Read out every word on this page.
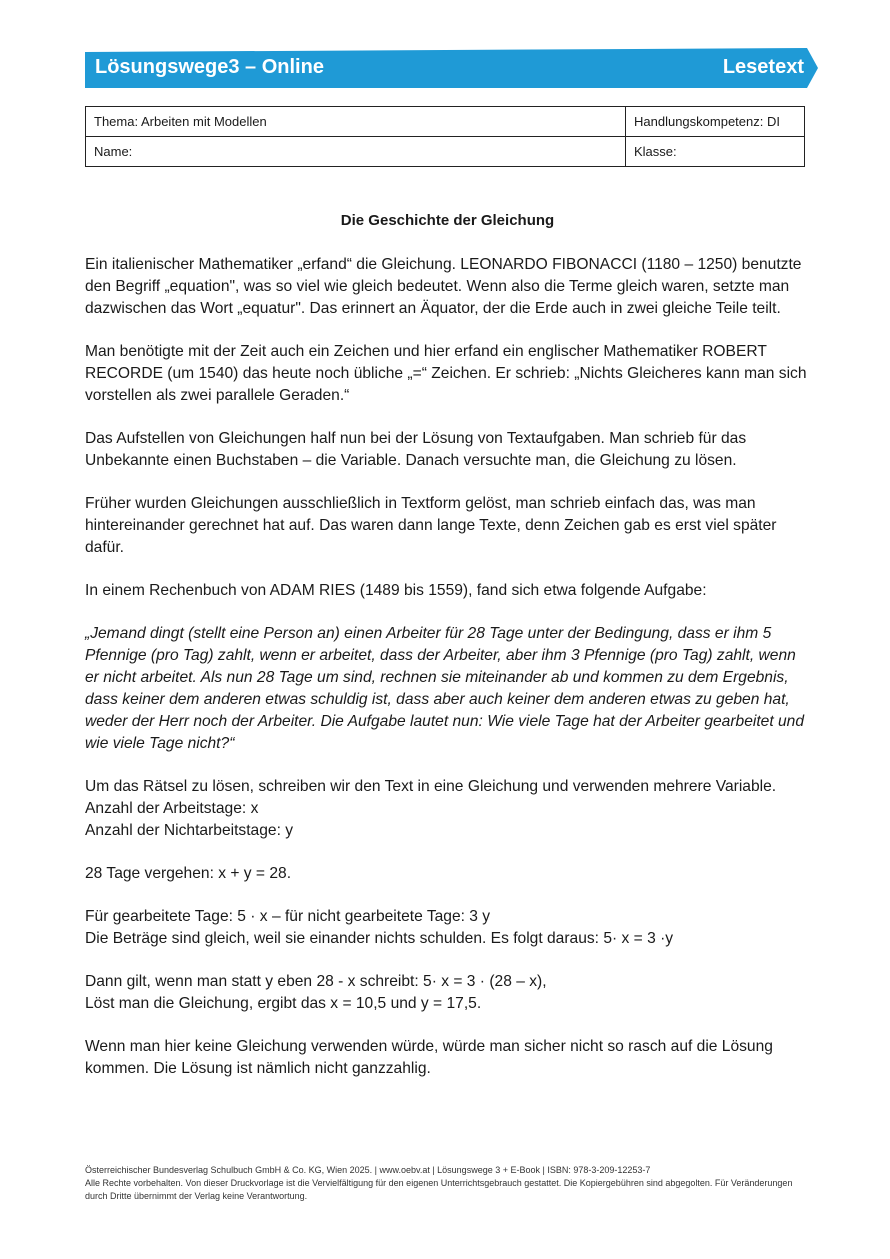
Lösungswege3 – Online	Lesetext
Thema: Arbeiten mit Modellen	Handlungskompetenz: DI
Name:	Klasse:
Die Geschichte der Gleichung

Ein italienischer Mathematiker „erfand“ die Gleichung. LEONARDO FIBONACCI (1180 – 1250) benutzte den Begriff „equation", was so viel wie gleich bedeutet. Wenn also die Terme gleich waren, setzte man dazwischen das Wort „equatur". Das erinnert an Äquator, der die Erde auch in zwei gleiche Teile teilt.

Man benötigte mit der Zeit auch ein Zeichen und hier erfand ein englischer Mathematiker ROBERT RECORDE (um 1540) das heute noch übliche „=“ Zeichen. Er schrieb: „Nichts Gleicheres kann man sich vorstellen als zwei parallele Geraden.“

Das Aufstellen von Gleichungen half nun bei der Lösung von Textaufgaben. Man schrieb für das Unbekannte einen Buchstaben – die Variable. Danach versuchte man, die Gleichung zu lösen.

Früher wurden Gleichungen ausschließlich in Textform gelöst, man schrieb einfach das, was man hintereinander gerechnet hat auf. Das waren dann lange Texte, denn Zeichen gab es erst viel später dafür.

In einem Rechenbuch von ADAM RIES (1489 bis 1559), fand sich etwa folgende Aufgabe:

„Jemand dingt (stellt eine Person an) einen Arbeiter für 28 Tage unter der Bedingung, dass er ihm 5 Pfennige (pro Tag) zahlt, wenn er arbeitet, dass der Arbeiter, aber ihm 3 Pfennige (pro Tag) zahlt, wenn er nicht arbeitet. Als nun 28 Tage um sind, rechnen sie miteinander ab und kommen zu dem Ergebnis, dass keiner dem anderen etwas schuldig ist, dass aber auch keiner dem anderen etwas zu geben hat, weder der Herr noch der Arbeiter. Die Aufgabe lautet nun: Wie viele Tage hat der Arbeiter gearbeitet und wie viele Tage nicht?“

Um das Rätsel zu lösen, schreiben wir den Text in eine Gleichung und verwenden mehrere Variable.
Anzahl der Arbeitstage: x
Anzahl der Nichtarbeitstage: y

28 Tage vergehen: x + y = 28.

Für gearbeitete Tage: 5 · x – für nicht gearbeitete Tage: 3 y
Die Beträge sind gleich, weil sie einander nichts schulden. Es folgt daraus: 5· x = 3 ·y

Dann gilt, wenn man statt y eben 28 - x schreibt: 5· x = 3 · (28 – x),
Löst man die Gleichung, ergibt das x = 10,5 und y = 17,5.

Wenn man hier keine Gleichung verwenden würde, würde man sicher nicht so rasch auf die Lösung kommen. Die Lösung ist nämlich nicht ganzzahlig.

Österreichischer Bundesverlag Schulbuch GmbH & Co. KG, Wien 2025. | www.oebv.at | Lösungswege 3 + E-Book | ISBN: 978-3-209-12253-7
Alle Rechte vorbehalten. Von dieser Druckvorlage ist die Vervielfältigung für den eigenen Unterrichtsgebrauch gestattet. Die Kopiergebühren sind abgegolten. Für Veränderungen durch Dritte übernimmt der Verlag keine Verantwortung.
